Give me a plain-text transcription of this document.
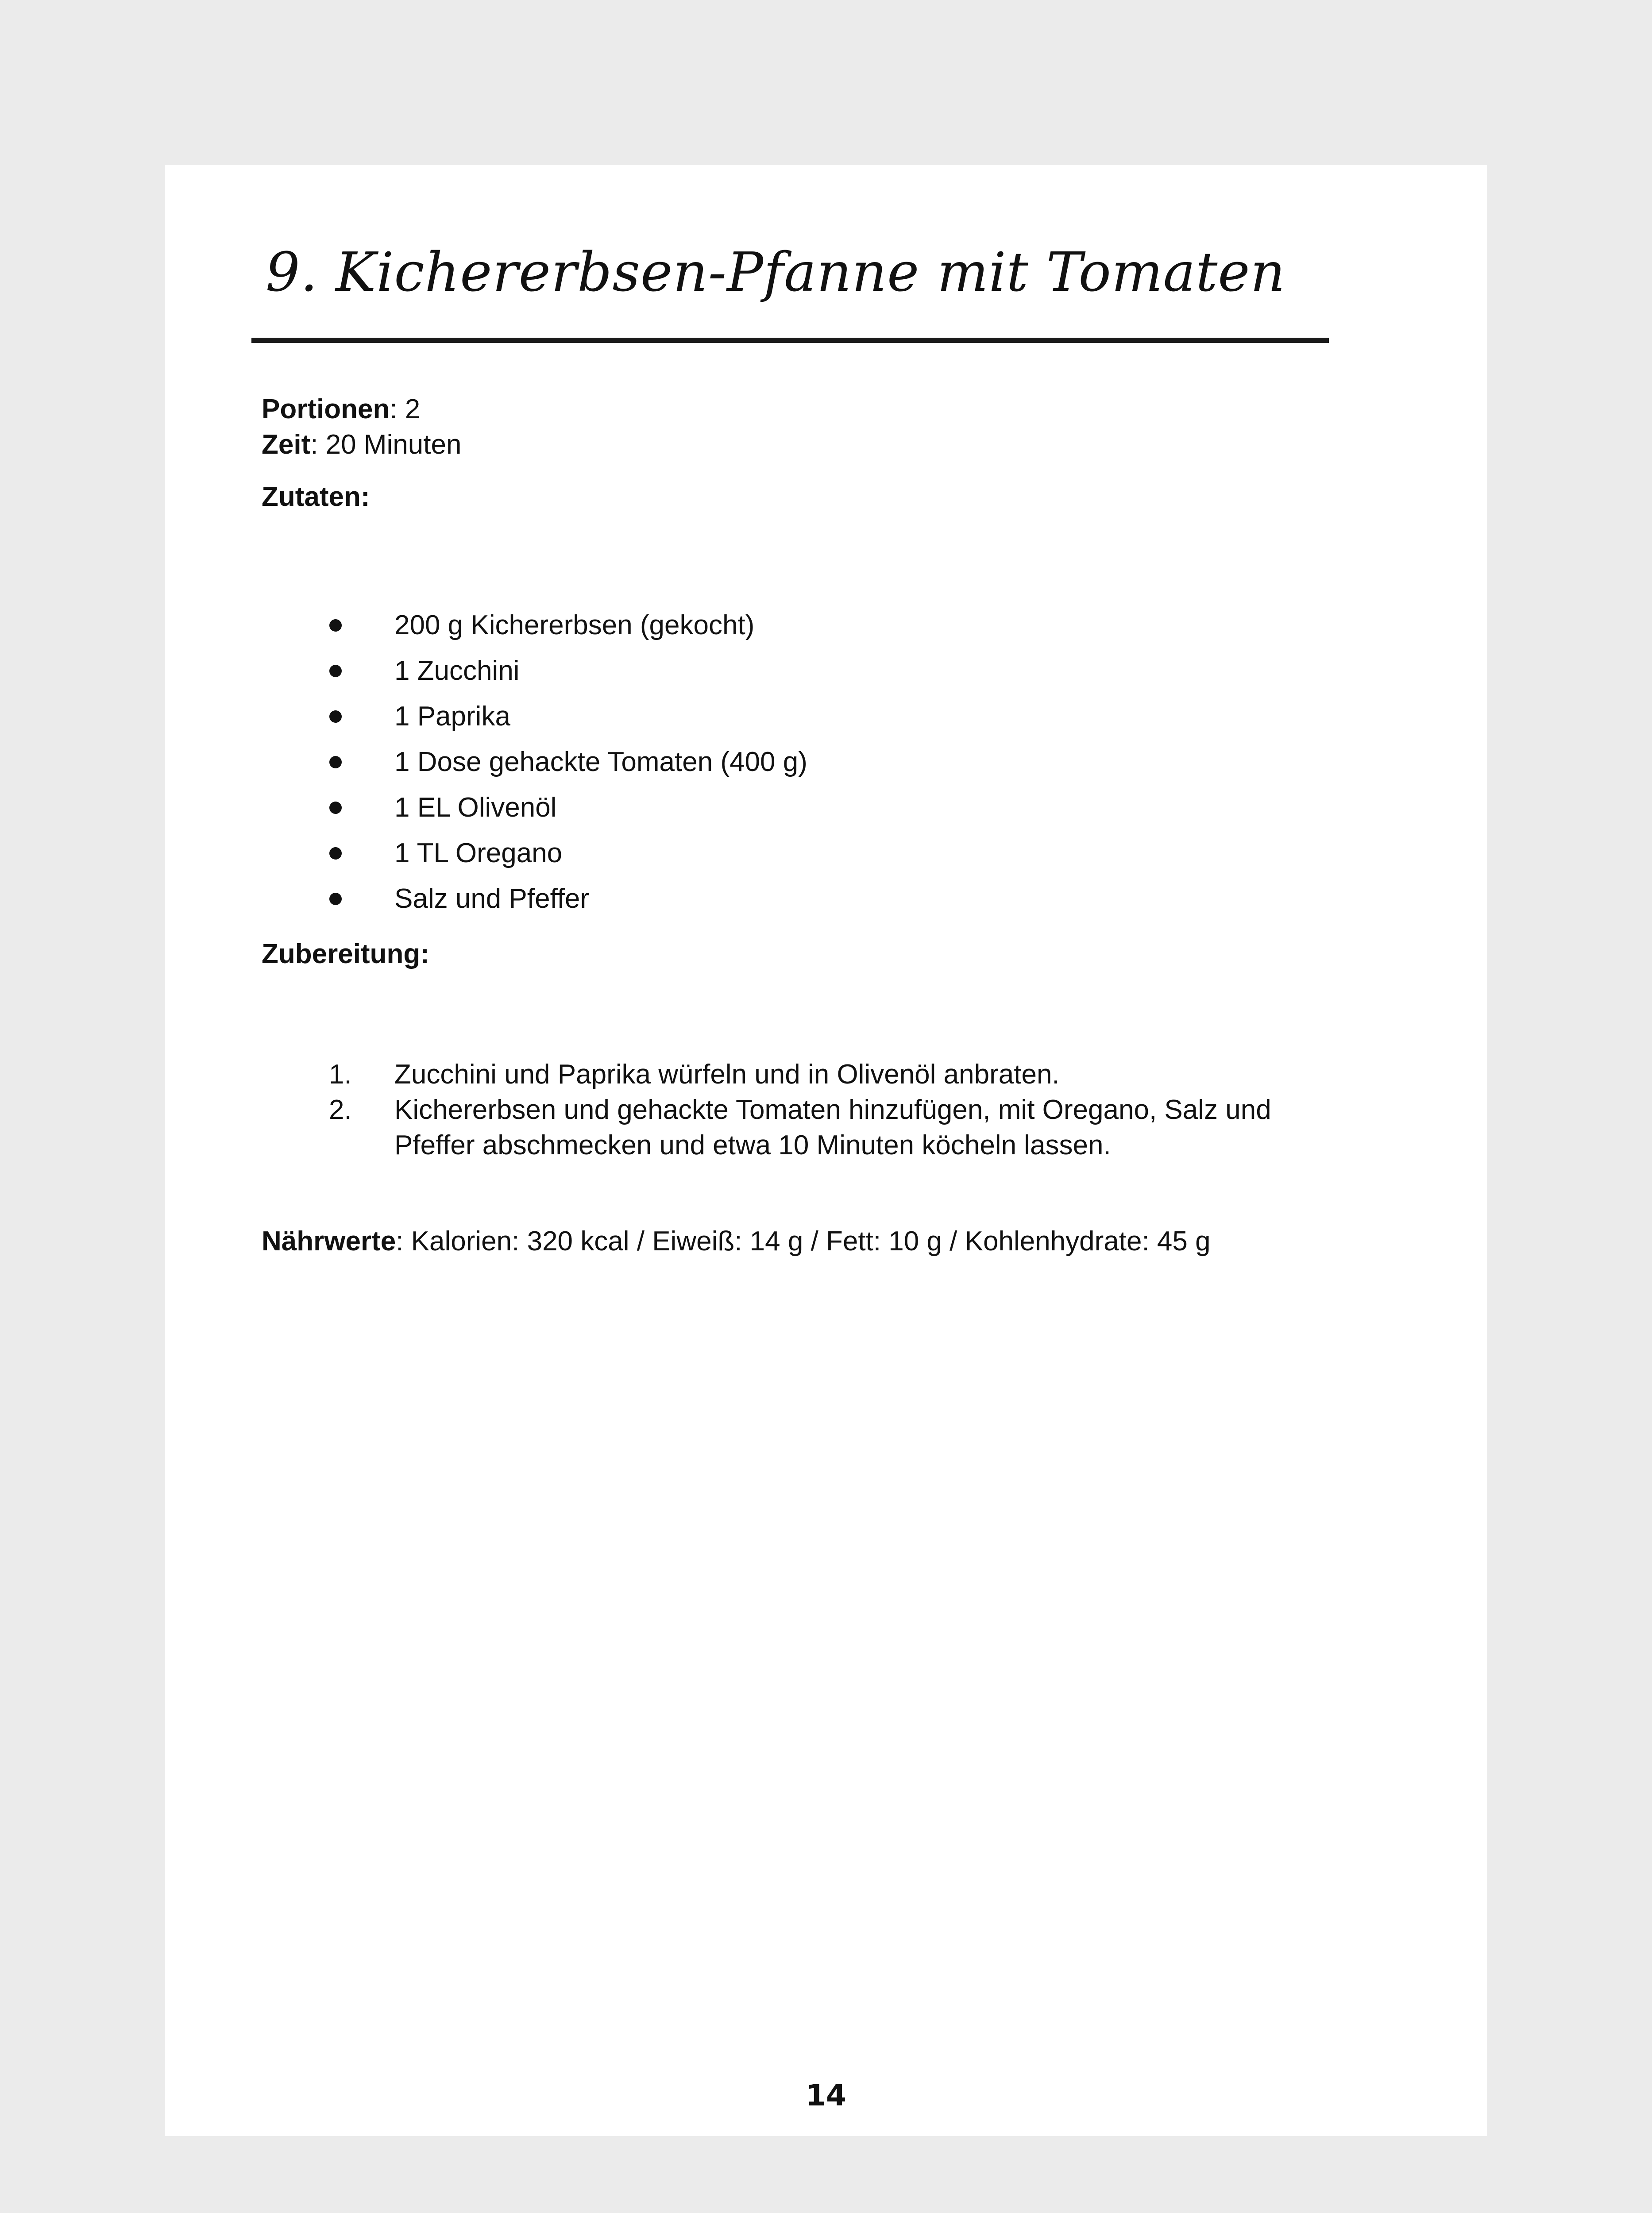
9. Kichererbsen-Pfanne mit Tomaten
Portionen: 2
Zeit: 20 Minuten
Zutaten:
200 g Kichererbsen (gekocht)
1 Zucchini
1 Paprika
1 Dose gehackte Tomaten (400 g)
1 EL Olivenöl
1 TL Oregano
Salz und Pfeffer
Zubereitung:
1. Zucchini und Paprika würfeln und in Olivenöl anbraten.
2. Kichererbsen und gehackte Tomaten hinzufügen, mit Oregano, Salz und Pfeffer abschmecken und etwa 10 Minuten köcheln lassen.
Nährwerte: Kalorien: 320 kcal / Eiweiß: 14 g / Fett: 10 g / Kohlenhydrate: 45 g
14
